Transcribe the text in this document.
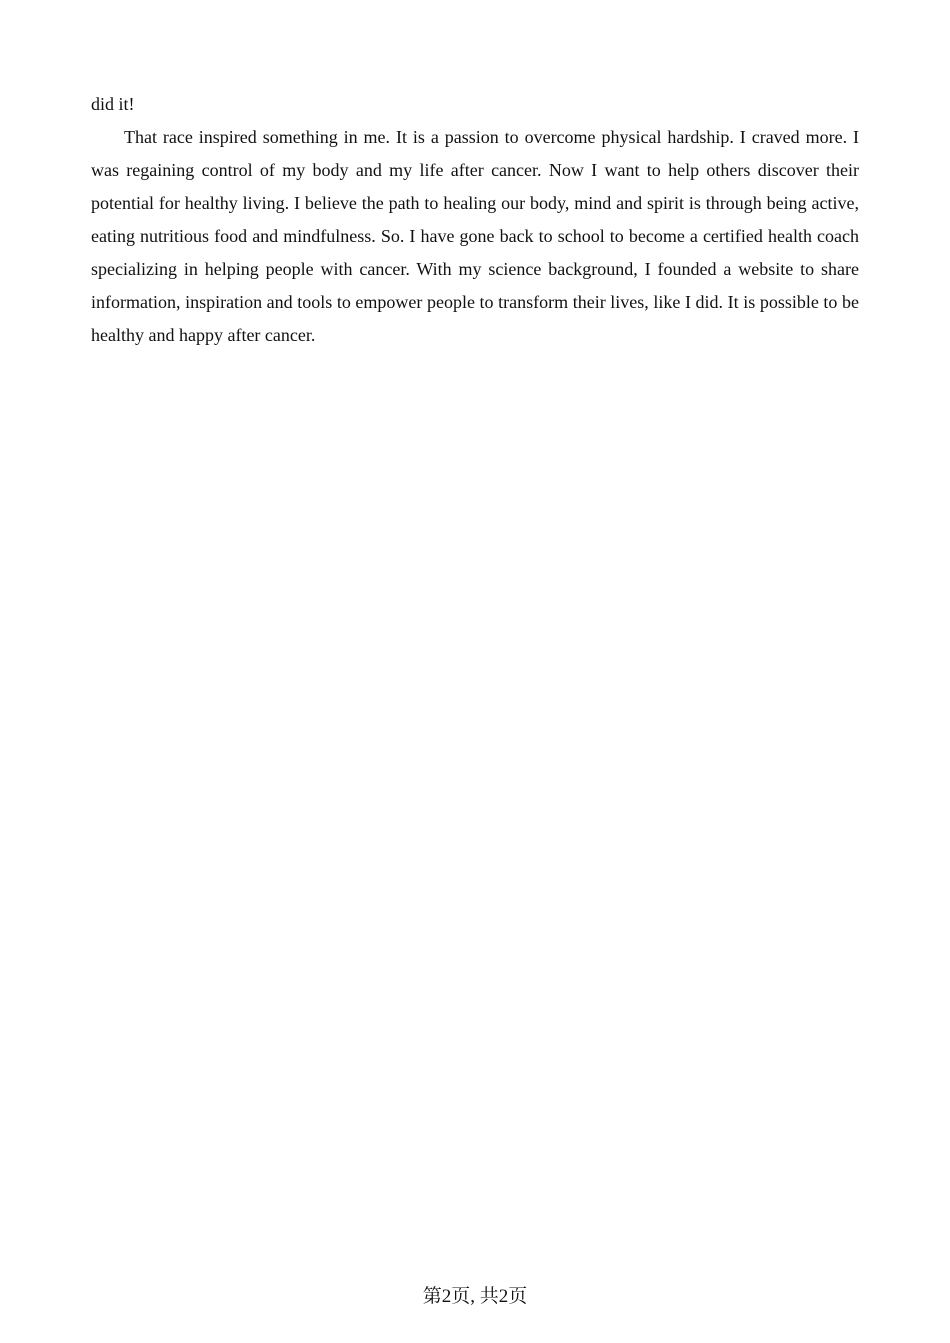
did it!

That race inspired something in me. It is a passion to overcome physical hardship. I craved more. I was regaining control of my body and my life after cancer. Now I want to help others discover their potential for healthy living. I believe the path to healing our body, mind and spirit is through being active, eating nutritious food and mindfulness. So. I have gone back to school to become a certified health coach specializing in helping people with cancer. With my science background, I founded a website to share information, inspiration and tools to empower people to transform their lives, like I did. It is possible to be healthy and happy after cancer.

第2页, 共2页
